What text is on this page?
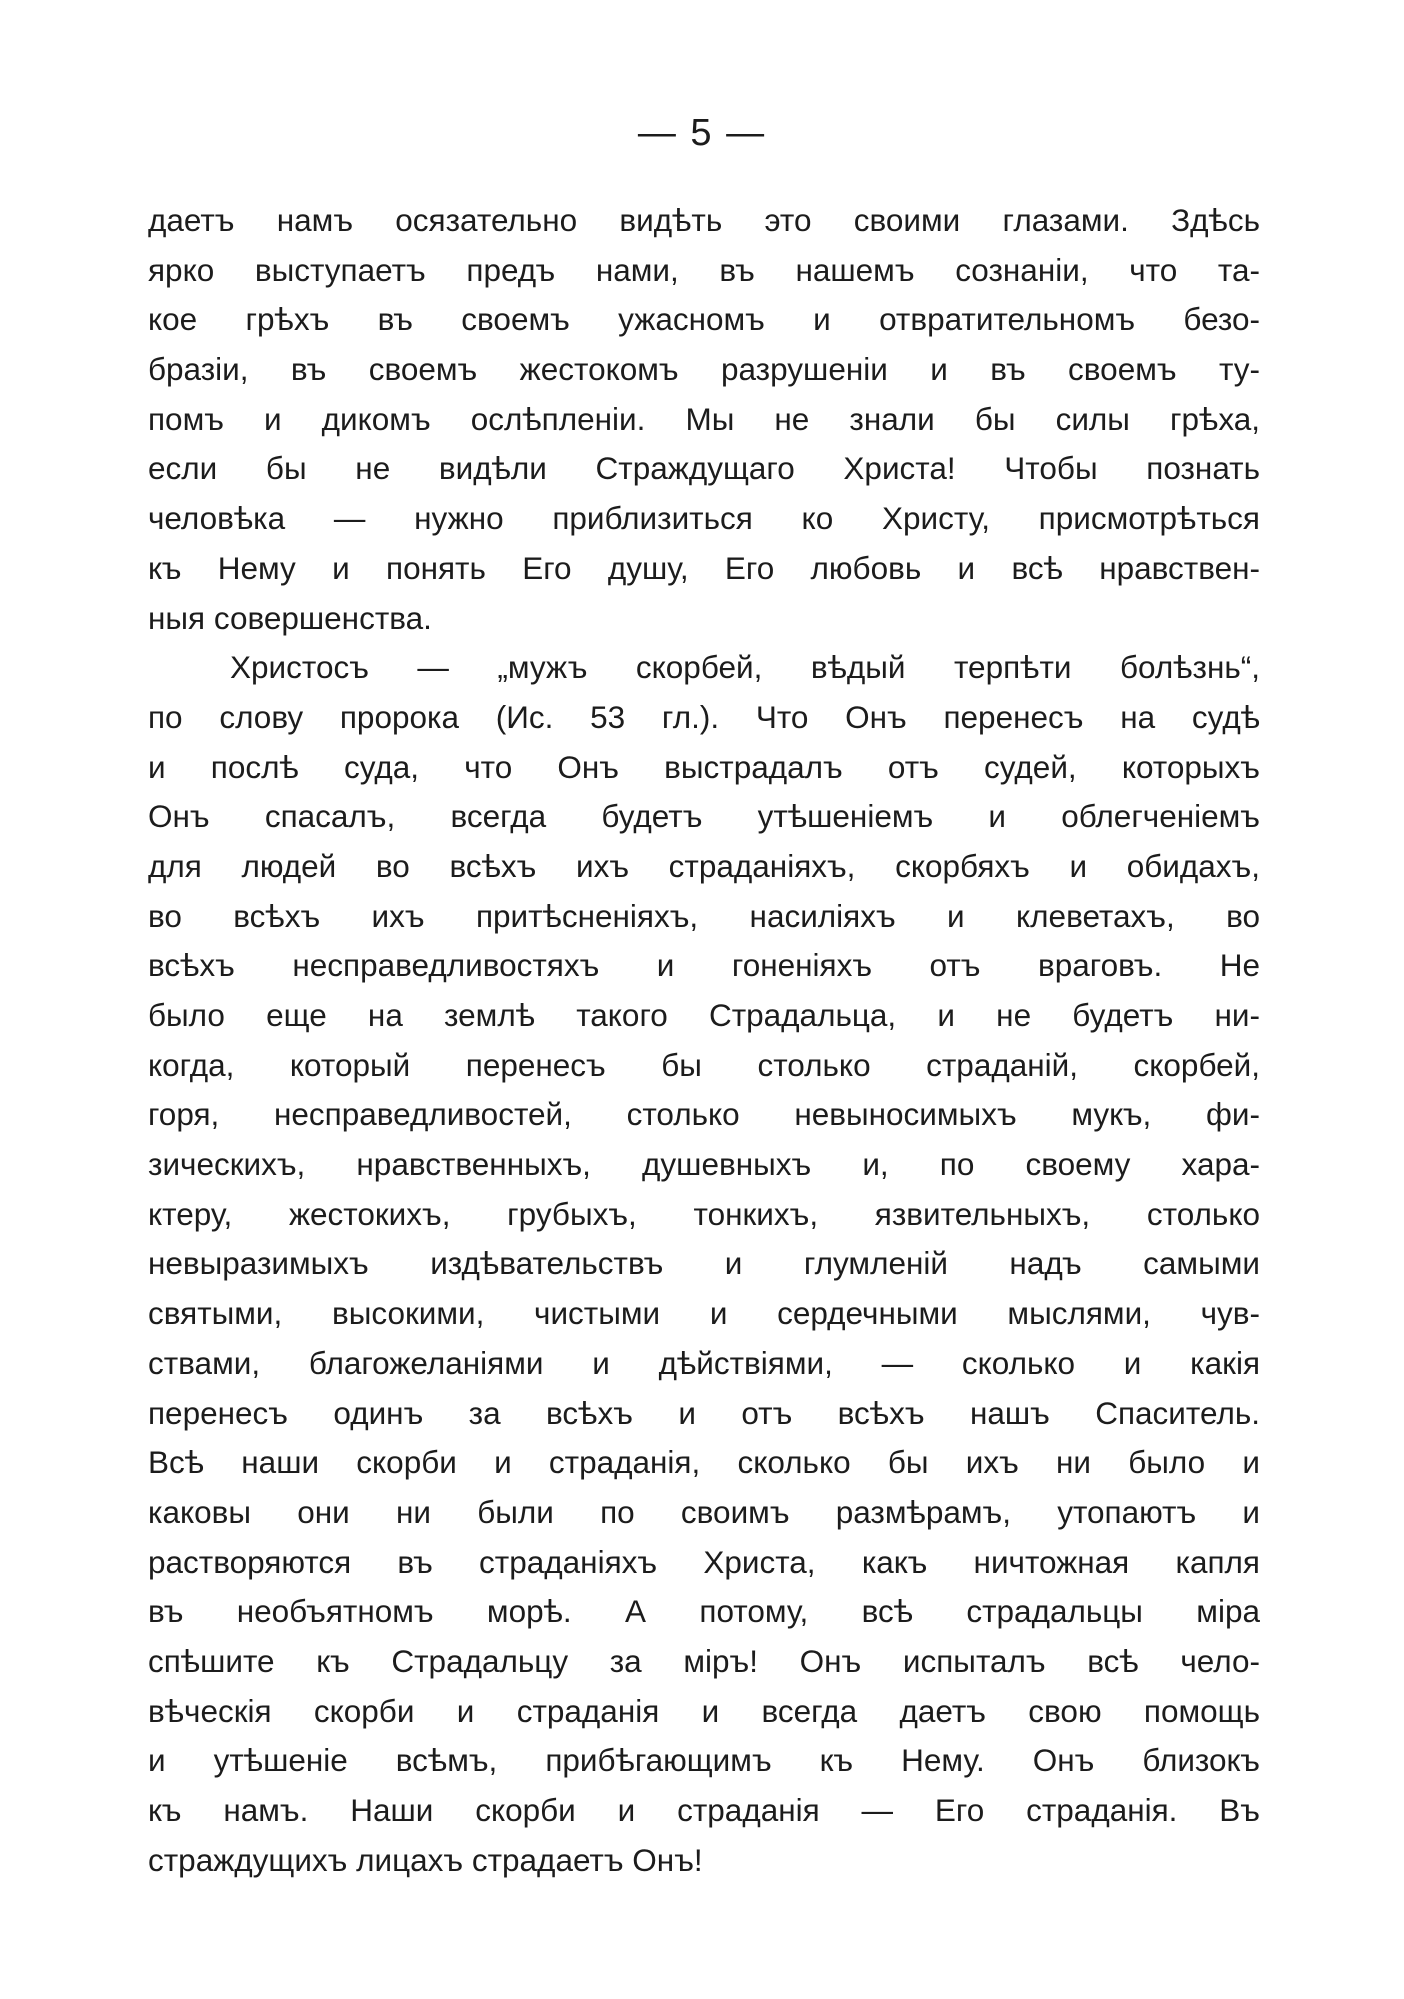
— 5 —
даетъ намъ осязательно видѣть это своими глазами. Здѣсь
ярко выступаетъ предъ нами, въ нашемъ сознаніи, что та-
кое грѣхъ въ своемъ ужасномъ и отвратительномъ безо-
бразіи, въ своемъ жестокомъ разрушеніи и въ своемъ ту-
помъ и дикомъ ослѣпленіи. Мы не знали бы силы грѣха,
если бы не видѣли Страждущаго Христа! Чтобы познать
человѣка — нужно приблизиться ко Христу, присмотрѣться
къ Нему и понять Его душу, Его любовь и всѣ нравствен-
ныя совершенства.
Христосъ — „мужъ скорбей, вѣдый терпѣти болѣзнь“,
по слову пророка (Ис. 53 гл.). Что Онъ перенесъ на судѣ
и послѣ суда, что Онъ выстрадалъ отъ судей, которыхъ
Онъ спасалъ, всегда будетъ утѣшеніемъ и облегченіемъ
для людей во всѣхъ ихъ страданіяхъ, скорбяхъ и обидахъ,
во всѣхъ ихъ притѣсненіяхъ, насиліяхъ и клеветахъ, во
всѣхъ несправедливостяхъ и гоненіяхъ отъ враговъ. Не
было еще на землѣ такого Страдальца, и не будетъ ни-
когда, который перенесъ бы столько страданій, скорбей,
горя, несправедливостей, столько невыносимыхъ мукъ, фи-
зическихъ, нравственныхъ, душевныхъ и, по своему хара-
ктеру, жестокихъ, грубыхъ, тонкихъ, язвительныхъ, столько
невыразимыхъ издѣвательствъ и глумленій надъ самыми
святыми, высокими, чистыми и сердечными мыслями, чув-
ствами, благожеланіями и дѣйствіями, — сколько и какія
перенесъ одинъ за всѣхъ и отъ всѣхъ нашъ Спаситель.
Всѣ наши скорби и страданія, сколько бы ихъ ни было и
каковы они ни были по своимъ размѣрамъ, утопаютъ и
растворяются въ страданіяхъ Христа, какъ ничтожная капля
въ необъятномъ морѣ. А потому, всѣ страдальцы міра
спѣшите къ Страдальцу за міръ! Онъ испыталъ всѣ чело-
вѣческія скорби и страданія и всегда даетъ свою помощь
и утѣшеніе всѣмъ, прибѣгающимъ къ Нему. Онъ близокъ
къ намъ. Наши скорби и страданія — Его страданія. Въ
страждущихъ лицахъ страдаетъ Онъ!
